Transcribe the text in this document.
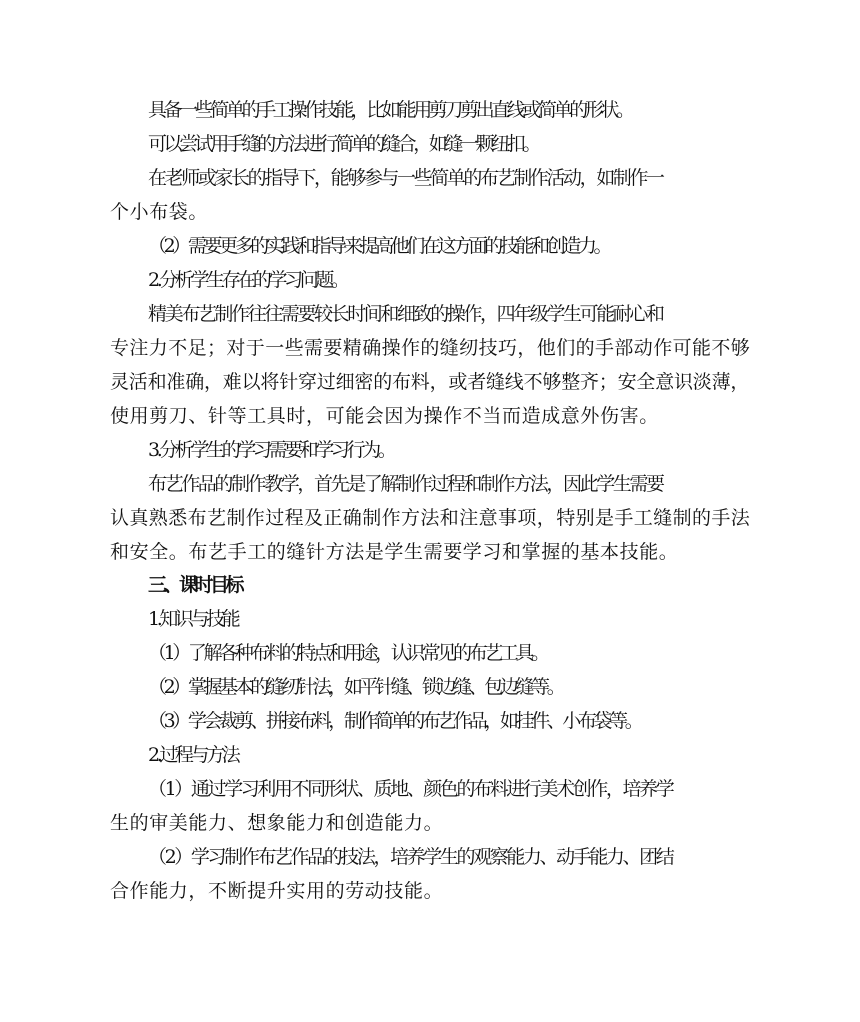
具备一些简单的手工操作技能，比如能用剪刀剪出直线或简单的形状。
可以尝试用手缝的方法进行简单的缝合，如缝一颗纽扣。
在老师或家长的指导下，能够参与一些简单的布艺制作活动，如制作一
个小布袋。
（2）需要更多的实践和指导来提高他们在这方面的技能和创造力。
2.分析学生存在的学习问题。
精美布艺制作往往需要较长时间和细致的操作，四年级学生可能耐心和
专注力不足；对于一些需要精确操作的缝纫技巧，他们的手部动作可能不够
灵活和准确，难以将针穿过细密的布料，或者缝线不够整齐；安全意识淡薄，
使用剪刀、针等工具时，可能会因为操作不当而造成意外伤害。
3.分析学生的学习需要和学习行为。
布艺作品的制作教学，首先是了解制作过程和制作方法，因此学生需要
认真熟悉布艺制作过程及正确制作方法和注意事项，特别是手工缝制的手法
和安全。布艺手工的缝针方法是学生需要学习和掌握的基本技能。
三、课时目标
1.知识与技能
（1）了解各种布料的特点和用途，认识常见的布艺工具。
（2）掌握基本的缝纫针法，如平针缝、锁边缝、包边缝等。
（3）学会裁剪、拼接布料，制作简单的布艺作品，如挂件、小布袋等。
2.过程与方法
（1）通过学习利用不同形状、质地、颜色的布料进行美术创作，培养学
生的审美能力、想象能力和创造能力。
（2）学习制作布艺作品的技法，培养学生的观察能力、动手能力、团结
合作能力，不断提升实用的劳动技能。
